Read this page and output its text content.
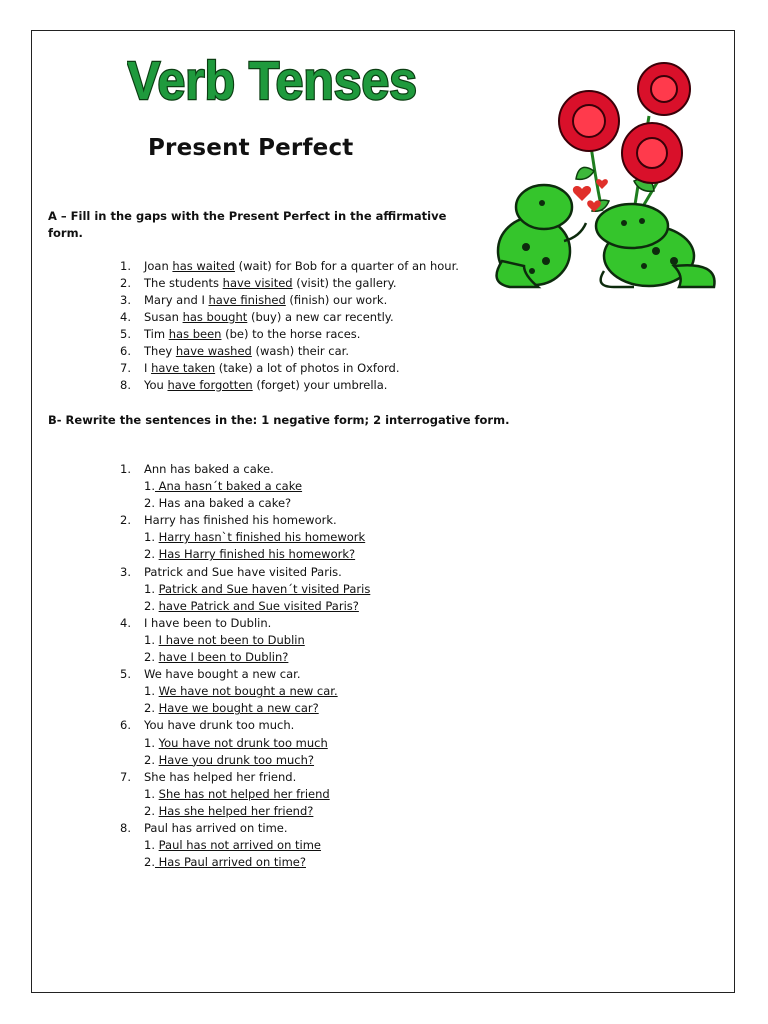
Verb Tenses
Present Perfect
A – Fill in the gaps with the Present Perfect in the affirmative form.
1. Joan has waited (wait) for Bob for a quarter of an hour.
2. The students have visited (visit) the gallery.
3. Mary and I have finished (finish) our work.
4. Susan has bought (buy) a new car recently.
5. Tim has been (be) to the horse races.
6. They have washed (wash) their car.
7. I have taken (take) a lot of photos in Oxford.
8. You have forgotten (forget) your umbrella.
B- Rewrite the sentences in the: 1 negative form; 2 interrogative form.
1. Ann has baked a cake.
1. Ana hasn´t baked a cake
2. Has ana baked a cake?
2. Harry has finished his homework.
1. Harry hasn`t finished his homework
2. Has Harry finished his homework?
3. Patrick and Sue have visited Paris.
1. Patrick and Sue haven´t visited Paris
2. have Patrick and Sue visited Paris?
4. I have been to Dublin.
1. I have not been to Dublin
2. have I been to Dublin?
5. We have bought a new car.
1. We have not bought a new car.
2. Have we bought a new car?
6. You have drunk too much.
1. You have not drunk too much
2. Have you drunk too much?
7. She has helped her friend.
1. She has not helped her friend
2. Has she helped her friend?
8. Paul has arrived on time.
1. Paul has not arrived on time
2. Has Paul arrived on time?
